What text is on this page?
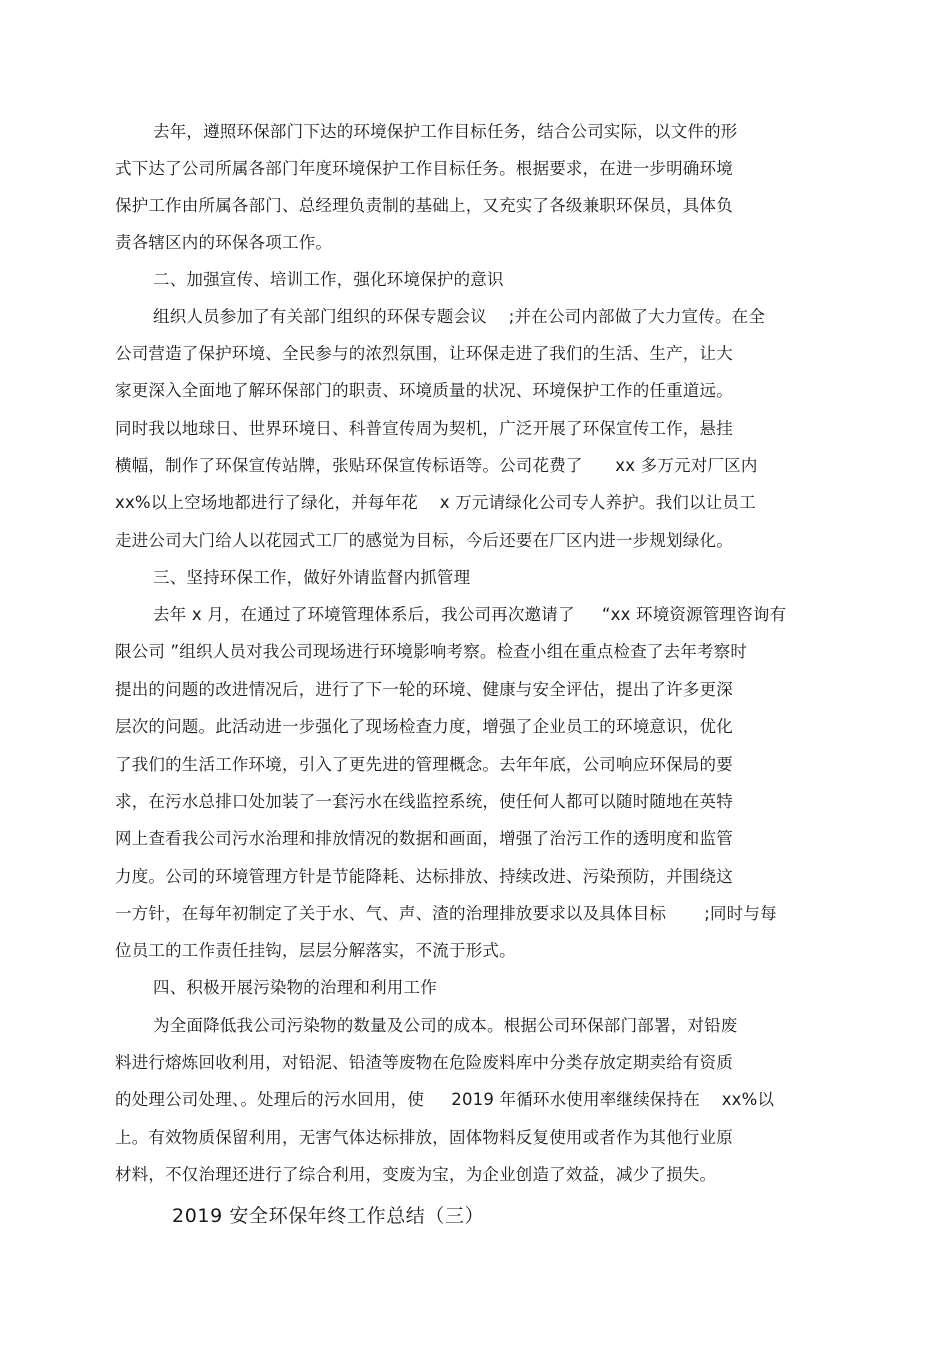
去年，遵照环保部门下达的环境保护工作目标任务，结合公司实际，以文件的形
式下达了公司所属各部门年度环境保护工作目标任务。根据要求，在进一步明确环境
保护工作由所属各部门、总经理负责制的基础上，又充实了各级兼职环保员，具体负
责各辖区内的环保各项工作。
二、加强宣传、培训工作，强化环境保护的意识
组织人员参加了有关部门组织的环保专题会议    ;并在公司内部做了大力宣传。在全
公司营造了保护环境、全民参与的浓烈氛围，让环保走进了我们的生活、生产，让大
家更深入全面地了解环保部门的职责、环境质量的状况、环境保护工作的任重道远。
同时我以地球日、世界环境日、科普宣传周为契机，广泛开展了环保宣传工作，悬挂
横幅，制作了环保宣传站牌，张贴环保宣传标语等。公司花费了      xx 多万元对厂区内
xx%以上空场地都进行了绿化，并每年花    x 万元请绿化公司专人养护。我们以让员工
走进公司大门给人以花园式工厂的感觉为目标，今后还要在厂区内进一步规划绿化。
三、坚持环保工作，做好外请监督内抓管理
去年 x 月，在通过了环境管理体系后，我公司再次邀请了     “xx 环境资源管理咨询有
限公司 ”组织人员对我公司现场进行环境影响考察。检查小组在重点检查了去年考察时
提出的问题的改进情况后，进行了下一轮的环境、健康与安全评估，提出了许多更深
层次的问题。此活动进一步强化了现场检查力度，增强了企业员工的环境意识，优化
了我们的生活工作环境，引入了更先进的管理概念。去年年底，公司响应环保局的要
求，在污水总排口处加装了一套污水在线监控系统，使任何人都可以随时随地在英特
网上查看我公司污水治理和排放情况的数据和画面，增强了治污工作的透明度和监管
力度。公司的环境管理方针是节能降耗、达标排放、持续改进、污染预防，并围绕这
一方针，在每年初制定了关于水、气、声、渣的治理排放要求以及具体目标       ;同时与每
位员工的工作责任挂钩，层层分解落实，不流于形式。
四、积极开展污染物的治理和利用工作
为全面降低我公司污染物的数量及公司的成本。根据公司环保部门部署，对铅废
料进行熔炼回收利用，对铅泥、铅渣等废物在危险废料库中分类存放定期卖给有资质
的处理公司处理、。处理后的污水回用，使     2019 年循环水使用率继续保持在    xx%以
上。有效物质保留利用，无害气体达标排放，固体物料反复使用或者作为其他行业原
材料，不仅治理还进行了综合利用，变废为宝，为企业创造了效益，减少了损失。
2019 安全环保年终工作总结（三）
